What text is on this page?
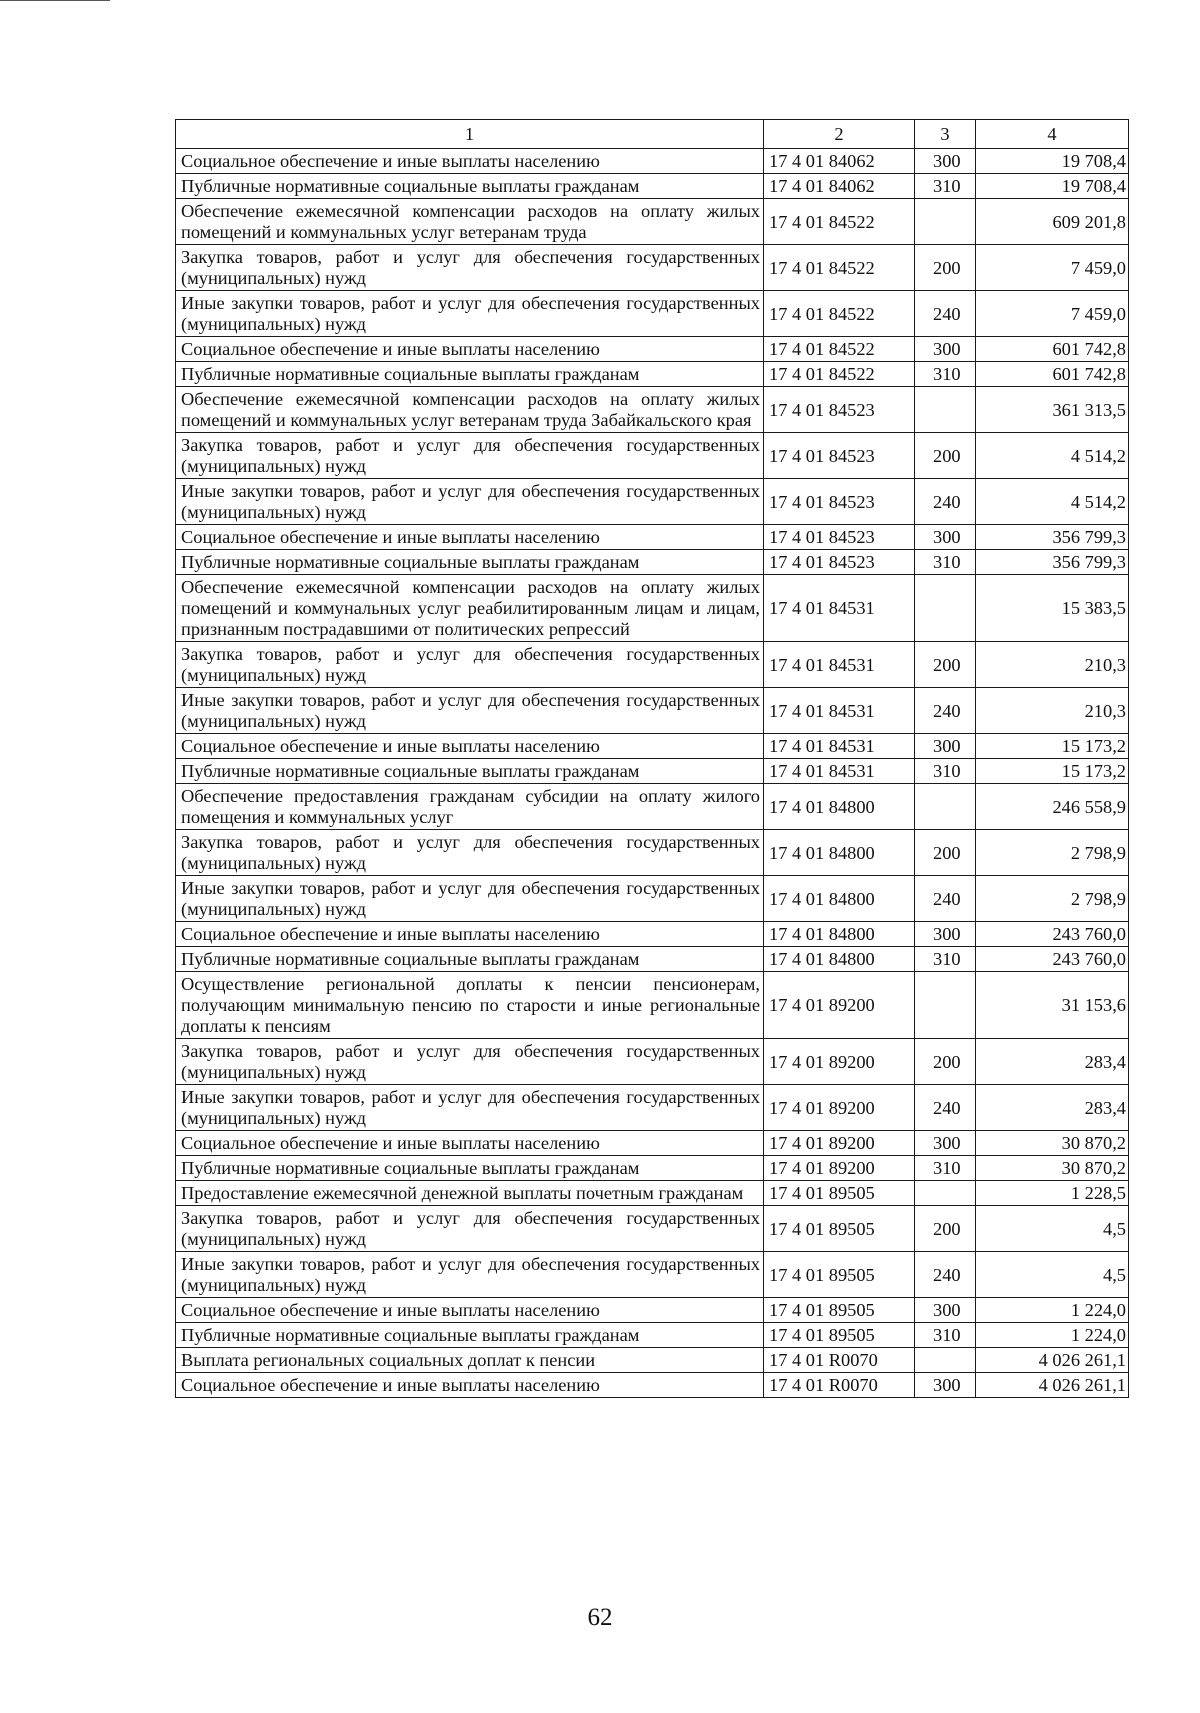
1	2	3	4
Социальное обеспечение и иные выплаты населению	17 4 01 84062	300	19 708,4
Публичные нормативные социальные выплаты гражданам	17 4 01 84062	310	19 708,4
Обеспечение ежемесячной компенсации расходов на оплату жилых помещений и коммунальных услуг ветеранам труда	17 4 01 84522		609 201,8
Закупка товаров, работ и услуг для обеспечения государственных (муниципальных) нужд	17 4 01 84522	200	7 459,0
Иные закупки товаров, работ и услуг для обеспечения государственных (муниципальных) нужд	17 4 01 84522	240	7 459,0
Социальное обеспечение и иные выплаты населению	17 4 01 84522	300	601 742,8
Публичные нормативные социальные выплаты гражданам	17 4 01 84522	310	601 742,8
Обеспечение ежемесячной компенсации расходов на оплату жилых помещений и коммунальных услуг ветеранам труда Забайкальского края	17 4 01 84523		361 313,5
Закупка товаров, работ и услуг для обеспечения государственных (муниципальных) нужд	17 4 01 84523	200	4 514,2
Иные закупки товаров, работ и услуг для обеспечения государственных (муниципальных) нужд	17 4 01 84523	240	4 514,2
Социальное обеспечение и иные выплаты населению	17 4 01 84523	300	356 799,3
Публичные нормативные социальные выплаты гражданам	17 4 01 84523	310	356 799,3
Обеспечение ежемесячной компенсации расходов на оплату жилых помещений и коммунальных услуг реабилитированным лицам и лицам, признанным пострадавшими от политических репрессий	17 4 01 84531		15 383,5
Закупка товаров, работ и услуг для обеспечения государственных (муниципальных) нужд	17 4 01 84531	200	210,3
Иные закупки товаров, работ и услуг для обеспечения государственных (муниципальных) нужд	17 4 01 84531	240	210,3
Социальное обеспечение и иные выплаты населению	17 4 01 84531	300	15 173,2
Публичные нормативные социальные выплаты гражданам	17 4 01 84531	310	15 173,2
Обеспечение предоставления гражданам субсидии на оплату жилого помещения и коммунальных услуг	17 4 01 84800		246 558,9
Закупка товаров, работ и услуг для обеспечения государственных (муниципальных) нужд	17 4 01 84800	200	2 798,9
Иные закупки товаров, работ и услуг для обеспечения государственных (муниципальных) нужд	17 4 01 84800	240	2 798,9
Социальное обеспечение и иные выплаты населению	17 4 01 84800	300	243 760,0
Публичные нормативные социальные выплаты гражданам	17 4 01 84800	310	243 760,0
Осуществление региональной доплаты к пенсии пенсионерам, получающим минимальную пенсию по старости и иные региональные доплаты к пенсиям	17 4 01 89200		31 153,6
Закупка товаров, работ и услуг для обеспечения государственных (муниципальных) нужд	17 4 01 89200	200	283,4
Иные закупки товаров, работ и услуг для обеспечения государственных (муниципальных) нужд	17 4 01 89200	240	283,4
Социальное обеспечение и иные выплаты населению	17 4 01 89200	300	30 870,2
Публичные нормативные социальные выплаты гражданам	17 4 01 89200	310	30 870,2
Предоставление ежемесячной денежной выплаты почетным гражданам	17 4 01 89505		1 228,5
Закупка товаров, работ и услуг для обеспечения государственных (муниципальных) нужд	17 4 01 89505	200	4,5
Иные закупки товаров, работ и услуг для обеспечения государственных (муниципальных) нужд	17 4 01 89505	240	4,5
Социальное обеспечение и иные выплаты населению	17 4 01 89505	300	1 224,0
Публичные нормативные социальные выплаты гражданам	17 4 01 89505	310	1 224,0
Выплата региональных социальных доплат к пенсии	17 4 01 R0070		4 026 261,1
Социальное обеспечение и иные выплаты населению	17 4 01 R0070	300	4 026 261,1
62
